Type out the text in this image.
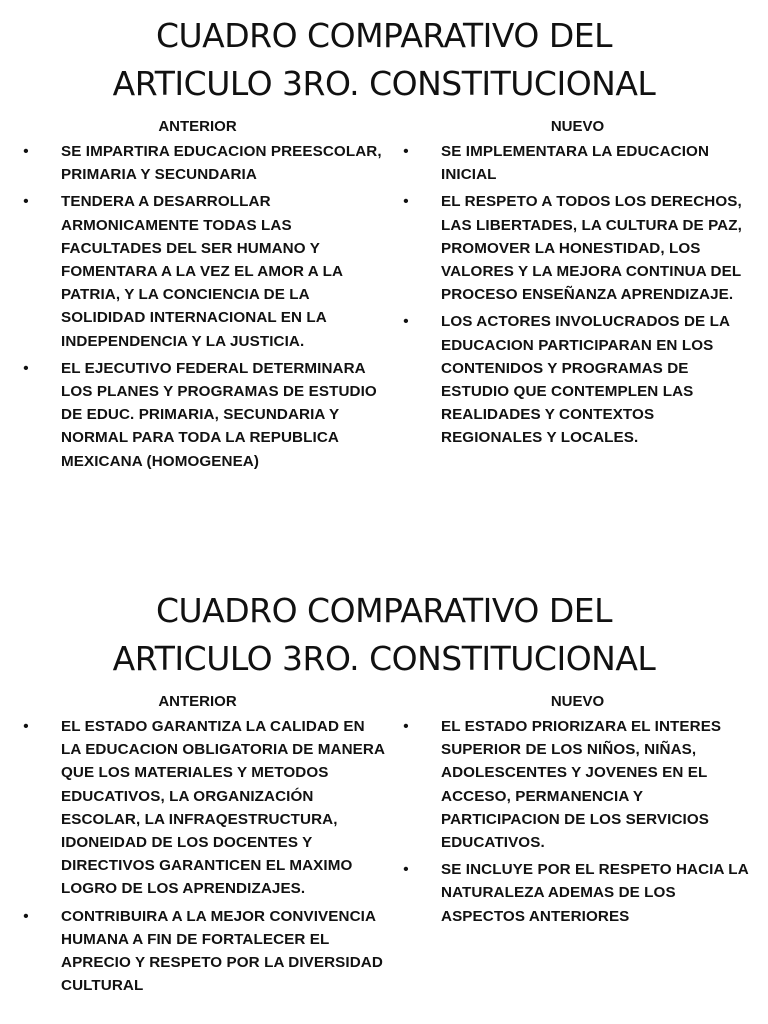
CUADRO COMPARATIVO DEL
ARTICULO 3RO. CONSTITUCIONAL
ANTERIOR
• SE IMPARTIRA EDUCACION PREESCOLAR, PRIMARIA Y SECUNDARIA
• TENDERA A DESARROLLAR ARMONICAMENTE TODAS LAS FACULTADES DEL SER HUMANO Y FOMENTARA A LA VEZ EL AMOR A LA PATRIA, Y LA CONCIENCIA DE LA SOLIDIDAD INTERNACIONAL EN LA INDEPENDENCIA Y LA JUSTICIA.
• EL EJECUTIVO FEDERAL DETERMINARA LOS PLANES Y PROGRAMAS DE ESTUDIO DE EDUC. PRIMARIA, SECUNDARIA Y NORMAL PARA TODA LA REPUBLICA MEXICANA (HOMOGENEA)
NUEVO
• SE IMPLEMENTARA LA EDUCACION INICIAL
• EL RESPETO A TODOS LOS DERECHOS, LAS LIBERTADES, LA CULTURA DE PAZ, PROMOVER LA HONESTIDAD, LOS VALORES Y LA MEJORA CONTINUA DEL PROCESO ENSEÑANZA APRENDIZAJE.
• LOS ACTORES INVOLUCRADOS DE LA EDUCACION PARTICIPARAN EN LOS CONTENIDOS Y PROGRAMAS DE ESTUDIO QUE CONTEMPLEN LAS REALIDADES Y CONTEXTOS REGIONALES Y LOCALES.
CUADRO COMPARATIVO DEL
ARTICULO 3RO. CONSTITUCIONAL
ANTERIOR
• EL ESTADO GARANTIZA LA CALIDAD EN LA EDUCACION OBLIGATORIA DE MANERA QUE LOS MATERIALES Y METODOS EDUCATIVOS, LA ORGANIZACIÓN ESCOLAR, LA INFRAQESTRUCTURA, IDONEIDAD DE LOS DOCENTES Y DIRECTIVOS GARANTICEN EL MAXIMO LOGRO DE LOS APRENDIZAJES.
• CONTRIBUIRA A LA MEJOR CONVIVENCIA HUMANA A FIN DE FORTALECER EL APRECIO Y RESPETO POR LA DIVERSIDAD CULTURAL
NUEVO
• EL ESTADO PRIORIZARA EL INTERES SUPERIOR DE LOS NIÑOS, NIÑAS, ADOLESCENTES Y JOVENES EN EL ACCESO, PERMANENCIA Y PARTICIPACION DE LOS SERVICIOS EDUCATIVOS.
• SE INCLUYE POR EL RESPETO HACIA LA NATURALEZA ADEMAS DE LOS ASPECTOS ANTERIORES
